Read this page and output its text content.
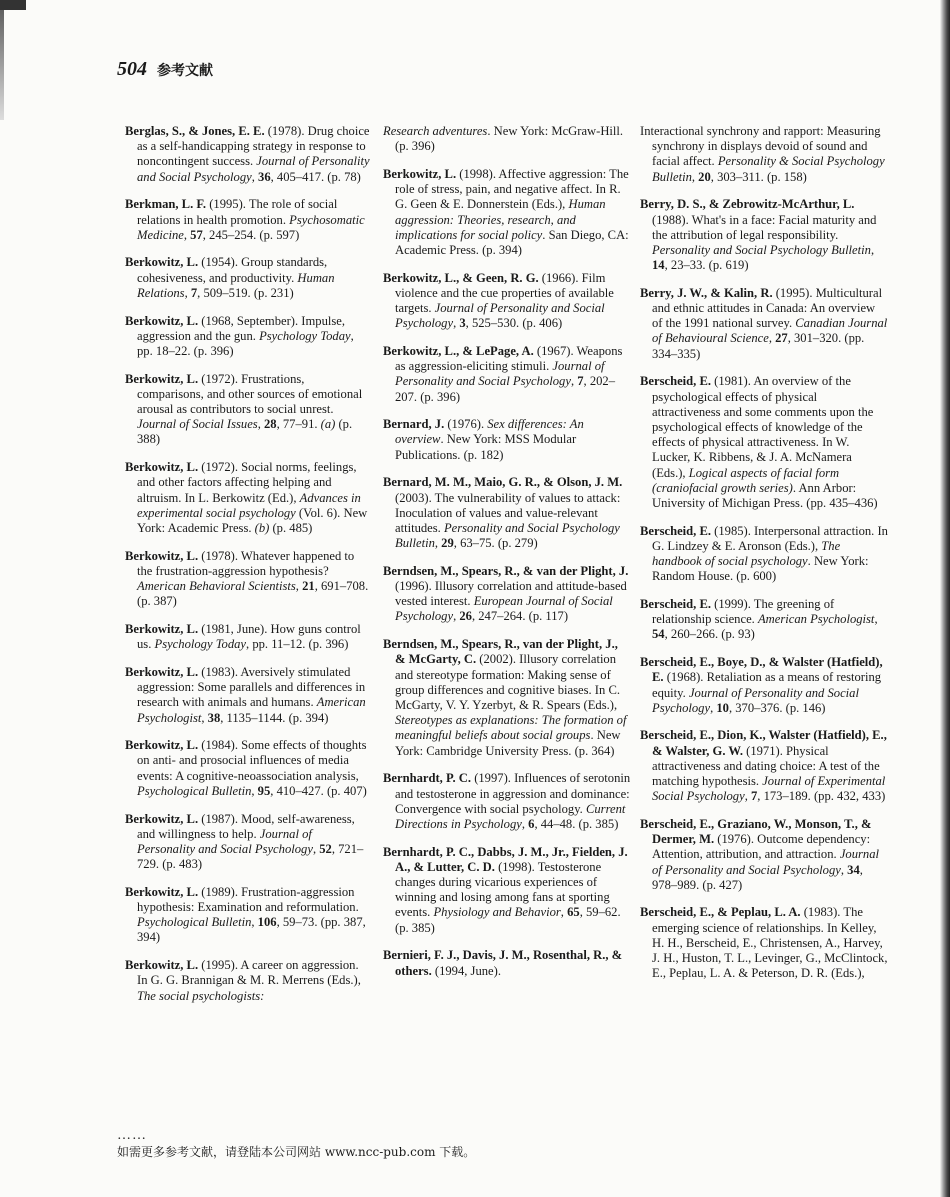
504 参考文献
Berglas, S., & Jones, E. E. (1978). Drug choice as a self-handicapping strategy in response to noncontingent success. Journal of Personality and Social Psychology, 36, 405–417. (p. 78)
Berkman, L. F. (1995). The role of social relations in health promotion. Psychosomatic Medicine, 57, 245–254. (p. 597)
Berkowitz, L. (1954). Group standards, cohesiveness, and productivity. Human Relations, 7, 509–519. (p. 231)
Berkowitz, L. (1968, September). Impulse, aggression and the gun. Psychology Today, pp. 18–22. (p. 396)
Berkowitz, L. (1972). Frustrations, comparisons, and other sources of emotional arousal as contributors to social unrest. Journal of Social Issues, 28, 77–91. (a) (p. 388)
Berkowitz, L. (1972). Social norms, feelings, and other factors affecting helping and altruism. In L. Berkowitz (Ed.), Advances in experimental social psychology (Vol. 6). New York: Academic Press. (b) (p. 485)
Berkowitz, L. (1978). Whatever happened to the frustration-aggression hypothesis? American Behavioral Scientists, 21, 691–708. (p. 387)
Berkowitz, L. (1981, June). How guns control us. Psychology Today, pp. 11–12. (p. 396)
Berkowitz, L. (1983). Aversively stimulated aggression: Some parallels and differences in research with animals and humans. American Psychologist, 38, 1135–1144. (p. 394)
Berkowitz, L. (1984). Some effects of thoughts on anti- and prosocial influences of media events: A cognitive-neoassociation analysis, Psychological Bulletin, 95, 410–427. (p. 407)
Berkowitz, L. (1987). Mood, self-awareness, and willingness to help. Journal of Personality and Social Psychology, 52, 721–729. (p. 483)
Berkowitz, L. (1989). Frustration-aggression hypothesis: Examination and reformulation. Psychological Bulletin, 106, 59–73. (pp. 387, 394)
Berkowitz, L. (1995). A career on aggression. In G. G. Brannigan & M. R. Merrens (Eds.), The social psychologists:
Research adventures. New York: McGraw-Hill. (p. 396)
Berkowitz, L. (1998). Affective aggression: The role of stress, pain, and negative affect. In R. G. Geen & E. Donnerstein (Eds.), Human aggression: Theories, research, and implications for social policy. San Diego, CA: Academic Press. (p. 394)
Berkowitz, L., & Geen, R. G. (1966). Film violence and the cue properties of available targets. Journal of Personality and Social Psychology, 3, 525–530. (p. 406)
Berkowitz, L., & LePage, A. (1967). Weapons as aggression-eliciting stimuli. Journal of Personality and Social Psychology, 7, 202–207. (p. 396)
Bernard, J. (1976). Sex differences: An overview. New York: MSS Modular Publications. (p. 182)
Bernard, M. M., Maio, G. R., & Olson, J. M. (2003). The vulnerability of values to attack: Inoculation of values and value-relevant attitudes. Personality and Social Psychology Bulletin, 29, 63–75. (p. 279)
Berndsen, M., Spears, R., & van der Plight, J. (1996). Illusory correlation and attitude-based vested interest. European Journal of Social Psychology, 26, 247–264. (p. 117)
Berndsen, M., Spears, R., van der Plight, J., & McGarty, C. (2002). Illusory correlation and stereotype formation: Making sense of group differences and cognitive biases. In C. McGarty, V. Y. Yzerbyt, & R. Spears (Eds.), Stereotypes as explanations: The formation of meaningful beliefs about social groups. New York: Cambridge University Press. (p. 364)
Bernhardt, P. C. (1997). Influences of serotonin and testosterone in aggression and dominance: Convergence with social psychology. Current Directions in Psychology, 6, 44–48. (p. 385)
Bernhardt, P. C., Dabbs, J. M., Jr., Fielden, J. A., & Lutter, C. D. (1998). Testosterone changes during vicarious experiences of winning and losing among fans at sporting events. Physiology and Behavior, 65, 59–62. (p. 385)
Bernieri, F. J., Davis, J. M., Rosenthal, R., & others. (1994, June).
Interactional synchrony and rapport: Measuring synchrony in displays devoid of sound and facial affect. Personality & Social Psychology Bulletin, 20, 303–311. (p. 158)
Berry, D. S., & Zebrowitz-McArthur, L. (1988). What's in a face: Facial maturity and the attribution of legal responsibility. Personality and Social Psychology Bulletin, 14, 23–33. (p. 619)
Berry, J. W., & Kalin, R. (1995). Multicultural and ethnic attitudes in Canada: An overview of the 1991 national survey. Canadian Journal of Behavioural Science, 27, 301–320. (pp. 334–335)
Berscheid, E. (1981). An overview of the psychological effects of physical attractiveness and some comments upon the psychological effects of knowledge of the effects of physical attractiveness. In W. Lucker, K. Ribbens, & J. A. McNamera (Eds.), Logical aspects of facial form (craniofacial growth series). Ann Arbor: University of Michigan Press. (pp. 435–436)
Berscheid, E. (1985). Interpersonal attraction. In G. Lindzey & E. Aronson (Eds.), The handbook of social psychology. New York: Random House. (p. 600)
Berscheid, E. (1999). The greening of relationship science. American Psychologist, 54, 260–266. (p. 93)
Berscheid, E., Boye, D., & Walster (Hatfield), E. (1968). Retaliation as a means of restoring equity. Journal of Personality and Social Psychology, 10, 370–376. (p. 146)
Berscheid, E., Dion, K., Walster (Hatfield), E., & Walster, G. W. (1971). Physical attractiveness and dating choice: A test of the matching hypothesis. Journal of Experimental Social Psychology, 7, 173–189. (pp. 432, 433)
Berscheid, E., Graziano, W., Monson, T., & Dermer, M. (1976). Outcome dependency: Attention, attribution, and attraction. Journal of Personality and Social Psychology, 34, 978–989. (p. 427)
Berscheid, E., & Peplau, L. A. (1983). The emerging science of relationships. In Kelley, H. H., Berscheid, E., Christensen, A., Harvey, J. H., Huston, T. L., Levinger, G., McClintock, E., Peplau, L. A. & Peterson, D. R. (Eds.),
……
如需更多参考文献，请登陆本公司网站 www.ncc-pub.com 下载。
